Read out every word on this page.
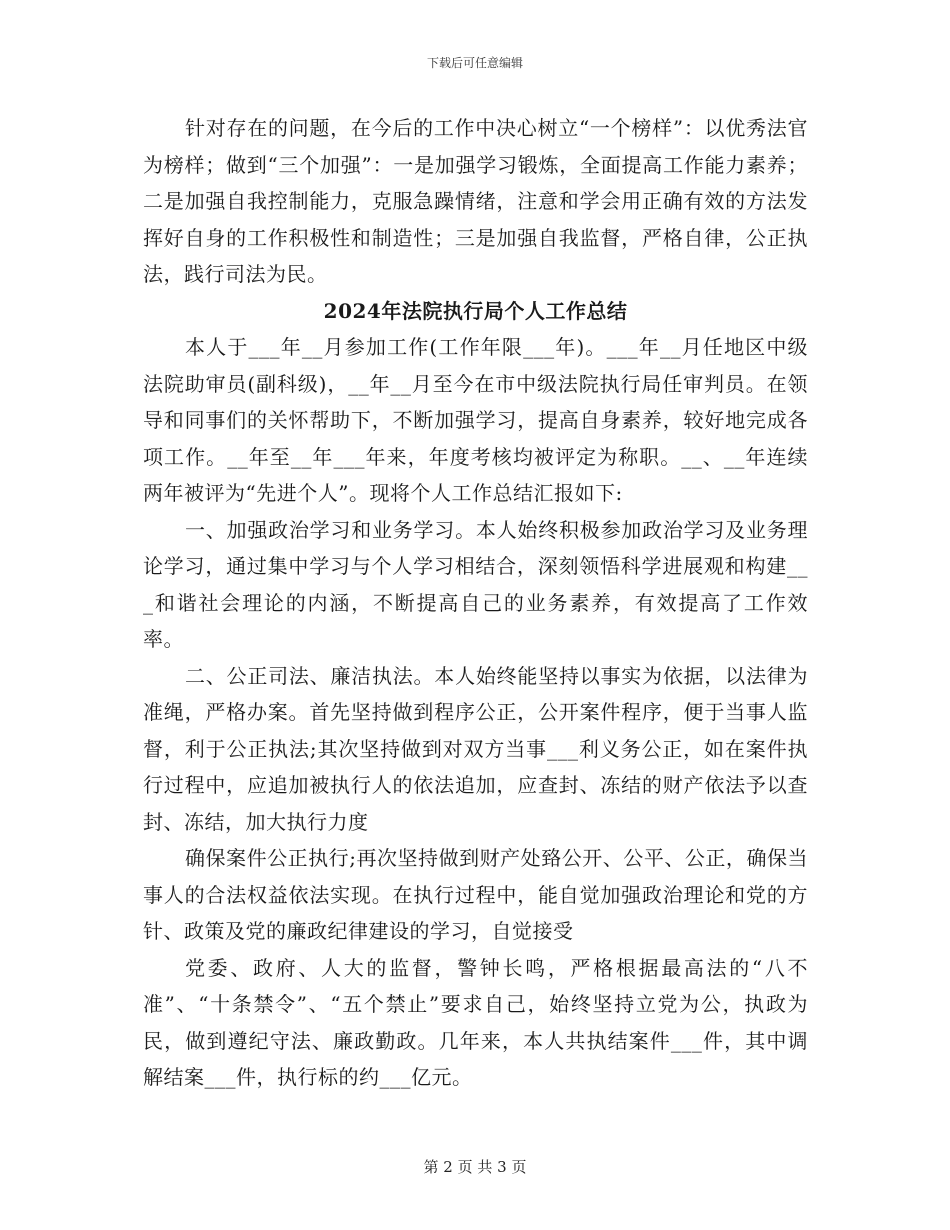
下载后可任意编辑

针对存在的问题，在今后的工作中决心树立“一个榜样”：以优秀法官为榜样；做到“三个加强”：一是加强学习锻炼，全面提高工作能力素养；二是加强自我控制能力，克服急躁情绪，注意和学会用正确有效的方法发挥好自身的工作积极性和制造性；三是加强自我监督，严格自律，公正执法，践行司法为民。

2024年法院执行局个人工作总结

本人于___年__月参加工作(工作年限___年)。___年__月任地区中级法院助审员(副科级)，__年__月至今在市中级法院执行局任审判员。在领导和同事们的关怀帮助下，不断加强学习，提高自身素养，较好地完成各项工作。__年至__年___年来，年度考核均被评定为称职。__、__年连续两年被评为“先进个人”。现将个人工作总结汇报如下:

一、加强政治学习和业务学习。本人始终积极参加政治学习及业务理论学习，通过集中学习与个人学习相结合，深刻领悟科学进展观和构建___和谐社会理论的内涵，不断提高自己的业务素养，有效提高了工作效率。

二、公正司法、廉洁执法。本人始终能坚持以事实为依据，以法律为准绳，严格办案。首先坚持做到程序公正，公开案件程序，便于当事人监督，利于公正执法;其次坚持做到对双方当事___利义务公正，如在案件执行过程中，应追加被执行人的依法追加，应查封、冻结的财产依法予以查封、冻结，加大执行力度

确保案件公正执行;再次坚持做到财产处臵公开、公平、公正，确保当事人的合法权益依法实现。在执行过程中，能自觉加强政治理论和党的方针、政策及党的廉政纪律建设的学习，自觉接受

党委、政府、人大的监督，警钟长鸣，严格根据最高法的“八不准”、“十条禁令”、“五个禁止”要求自己，始终坚持立党为公，执政为民，做到遵纪守法、廉政勤政。几年来，本人共执结案件___件，其中调解结案___件，执行标的约___亿元。

第 2 页 共 3 页
